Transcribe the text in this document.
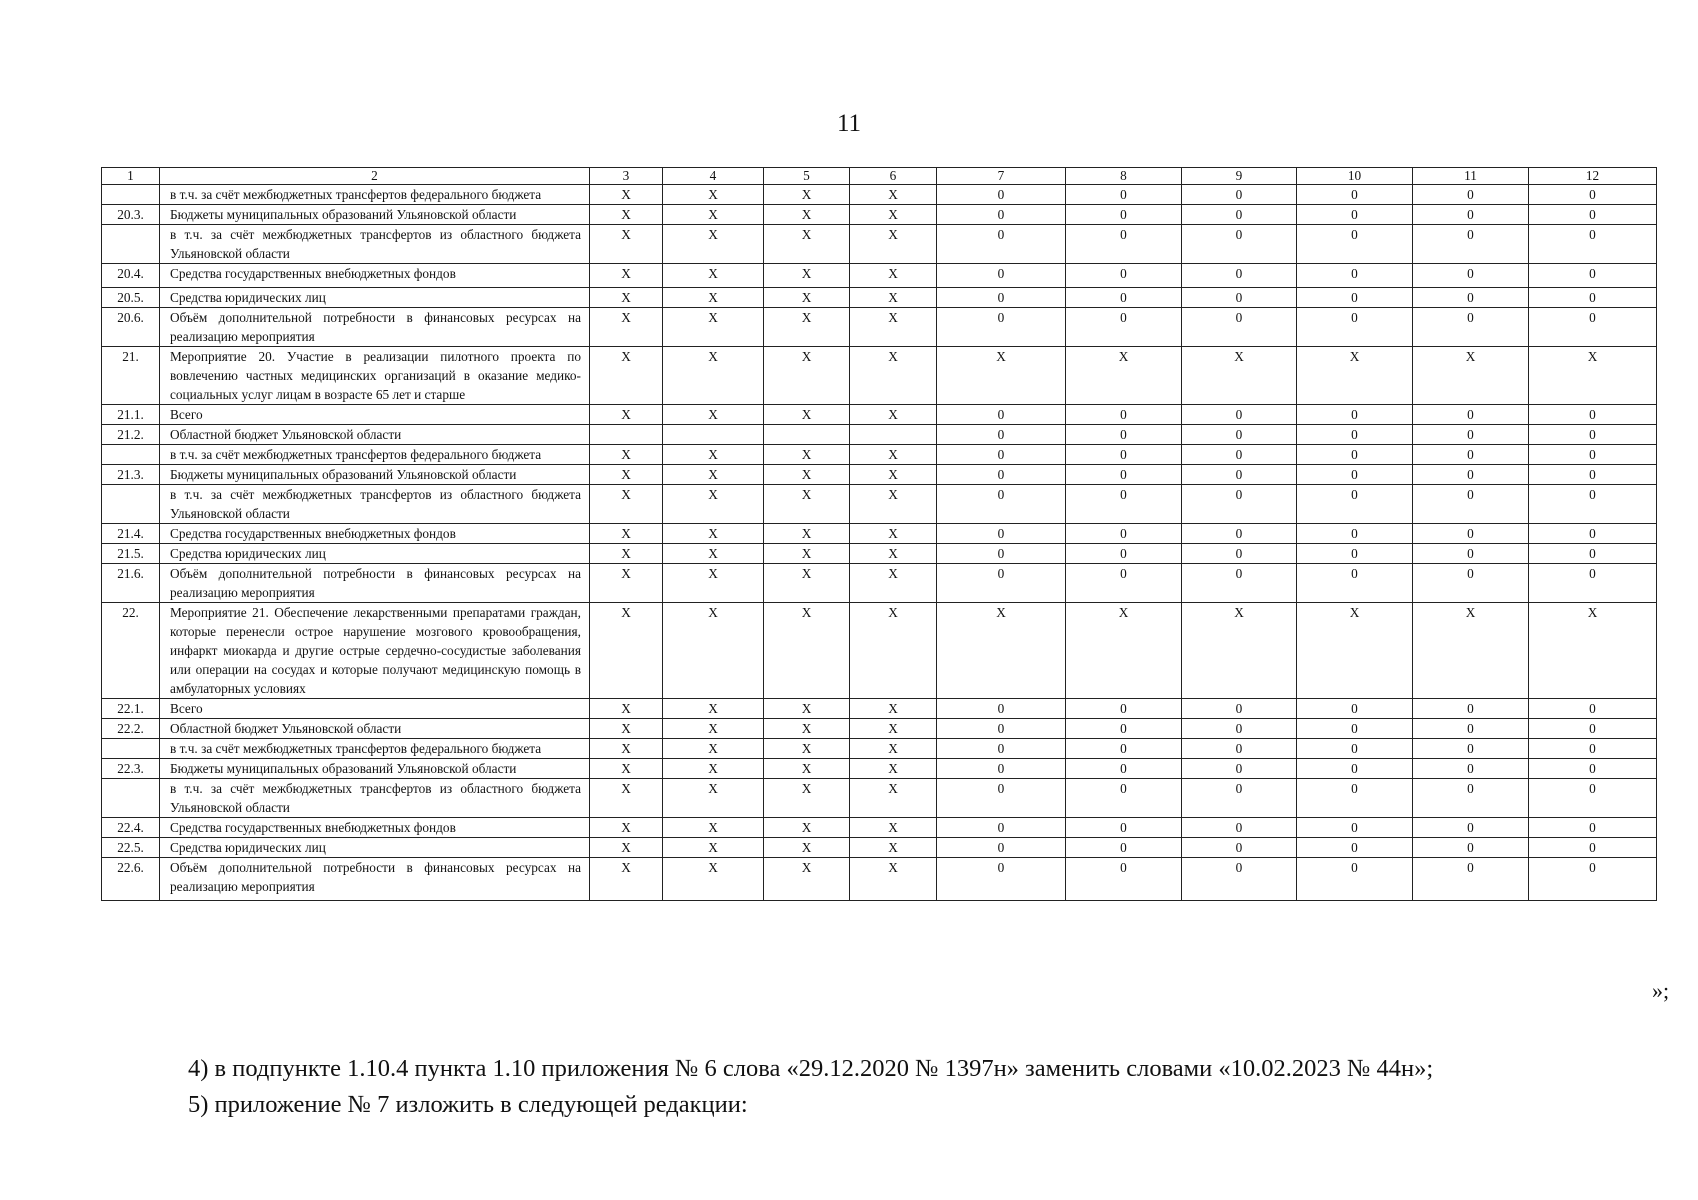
11
1	2	3	4	5	6	7	8	9	10	11	12
	в т.ч. за счёт межбюджетных трансфертов федерального бюджета	X	X	X	X	0	0	0	0	0	0
20.3.	Бюджеты муниципальных образований Ульяновской области	X	X	X	X	0	0	0	0	0	0
	в т.ч. за счёт межбюджетных трансфертов из областного бюджета Ульяновской области	X	X	X	X	0	0	0	0	0	0
20.4.	Средства государственных внебюджетных фондов	X	X	X	X	0	0	0	0	0	0
20.5.	Средства юридических лиц	X	X	X	X	0	0	0	0	0	0
20.6.	Объём дополнительной потребности в финансовых ресурсах на реализацию мероприятия	X	X	X	X	0	0	0	0	0	0
21.	Мероприятие 20. Участие в реализации пилотного проекта по вовлечению частных медицинских организаций в оказание медико-социальных услуг лицам в возрасте 65 лет и старше	X	X	X	X	X	X	X	X	X	X
21.1.	Всего	X	X	X	X	0	0	0	0	0	0
21.2.	Областной бюджет Ульяновской области					0	0	0	0	0	0
	в т.ч. за счёт межбюджетных трансфертов федерального бюджета	X	X	X	X	0	0	0	0	0	0
21.3.	Бюджеты муниципальных образований Ульяновской области	X	X	X	X	0	0	0	0	0	0
	в т.ч. за счёт межбюджетных трансфертов из областного бюджета Ульяновской области	X	X	X	X	0	0	0	0	0	0
21.4.	Средства государственных внебюджетных фондов	X	X	X	X	0	0	0	0	0	0
21.5.	Средства юридических лиц	X	X	X	X	0	0	0	0	0	0
21.6.	Объём дополнительной потребности в финансовых ресурсах на реализацию мероприятия	X	X	X	X	0	0	0	0	0	0
22.	Мероприятие 21. Обеспечение лекарственными препаратами граждан, которые перенесли острое нарушение мозгового кровообращения, инфаркт миокарда и другие острые сердечно-сосудистые заболевания или операции на сосудах и которые получают медицинскую помощь в амбулаторных условиях	X	X	X	X	X	X	X	X	X	X
22.1.	Всего	X	X	X	X	0	0	0	0	0	0
22.2.	Областной бюджет Ульяновской области	X	X	X	X	0	0	0	0	0	0
	в т.ч. за счёт межбюджетных трансфертов федерального бюджета	X	X	X	X	0	0	0	0	0	0
22.3.	Бюджеты муниципальных образований Ульяновской области	X	X	X	X	0	0	0	0	0	0
	в т.ч. за счёт межбюджетных трансфертов из областного бюджета Ульяновской области	X	X	X	X	0	0	0	0	0	0
22.4.	Средства государственных внебюджетных фондов	X	X	X	X	0	0	0	0	0	0
22.5.	Средства юридических лиц	X	X	X	X	0	0	0	0	0	0
22.6.	Объём дополнительной потребности в финансовых ресурсах на реализацию мероприятия	X	X	X	X	0	0	0	0	0	0
»;
4) в подпункте 1.10.4 пункта 1.10 приложения № 6 слова «29.12.2020 № 1397н» заменить словами «10.02.2023 № 44н»;
5) приложение № 7 изложить в следующей редакции:
